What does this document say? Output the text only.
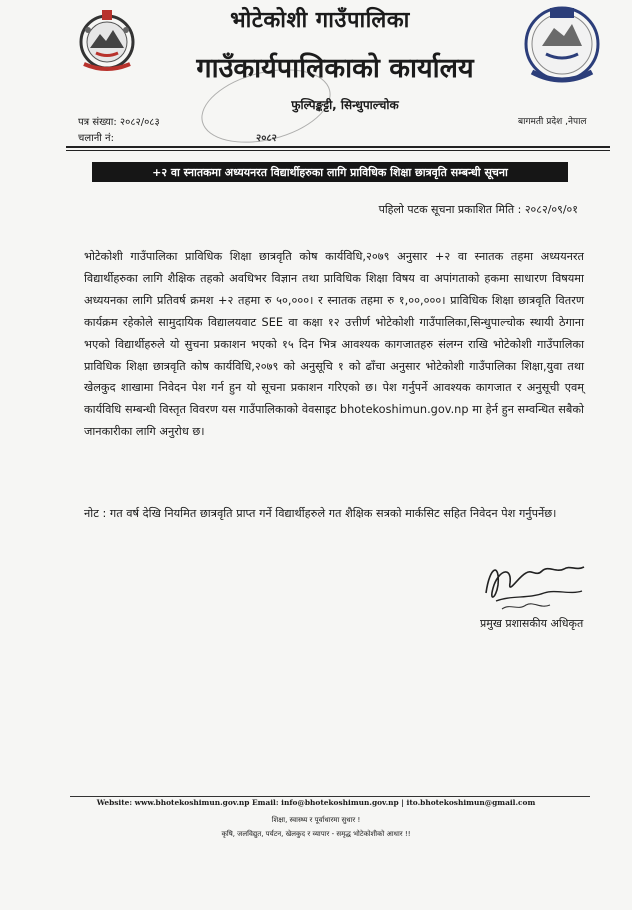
भोटेकोशी गाउँपालिका
गाउँकार्यपालिकाको कार्यालय
फुल्पिङ्कट्टी, सिन्धुपाल्चोक
२०८२
पत्र संख्या: २०८२/०८३
चलानी नं:
बागमती प्रदेश ,नेपाल
+२ वा स्नातकमा अध्ययनरत विद्यार्थीहरुका लागि प्राविधिक शिक्षा छात्रवृति सम्बन्धी सूचना
पहिलो पटक सूचना प्रकाशित मिति : २०८२/०९/०१
भोटेकोशी गाउँपालिका प्राविधिक शिक्षा छात्रवृति कोष कार्यविधि,२०७९ अनुसार +२ वा स्नातक तहमा अध्ययनरत विद्यार्थीहरुका लागि शैक्षिक तहको अवधिभर विज्ञान तथा प्राविधिक शिक्षा विषय वा अपांगताको हकमा साधारण विषयमा अध्ययनका लागि प्रतिवर्ष क्रमश +२ तहमा रु ५०,०००। र स्नातक तहमा रु १,००,०००। प्राविधिक शिक्षा छात्रवृति वितरण कार्यक्रम रहेकोले सामुदायिक विद्यालयवाट SEE वा कक्षा १२ उत्तीर्ण भोटेकोशी गाउँपालिका,सिन्धुपाल्चोक स्थायी ठेगाना भएको विद्यार्थीहरुले यो सुचना प्रकाशन भएको १५ दिन भित्र आवश्यक कागजातहरु संलग्न राखि भोटेकोशी गाउँपालिका प्राविधिक शिक्षा छात्रवृति कोष कार्यविधि,२०७९ को अनुसूचि १ को ढाँचा अनुसार भोटेकोशी गाउँपालिका शिक्षा,युवा तथा खेलकुद शाखामा निवेदन पेश गर्न हुन यो सूचना प्रकाशन गरिएको छ। पेश गर्नुपर्ने आवश्यक कागजात र अनुसूची एवम् कार्यविधि सम्बन्धी विस्तृत विवरण यस गाउँपालिकाको वेवसाइट bhotekoshimun.gov.np मा हेर्न हुन सम्वन्धित सबैको जानकारीका लागि अनुरोध छ।
नोट : गत वर्ष देखि नियमित छात्रवृति प्राप्त गर्ने विद्यार्थीहरुले गत शैक्षिक सत्रको मार्कसिट सहित निवेदन पेश गर्नुपर्नेछ।
प्रमुख प्रशासकीय अधिकृत
Website: www.bhotekoshimun.gov.np Email: info@bhotekoshimun.gov.np | ito.bhotekoshimun@gmail.com
शिक्षा, स्वास्थ्य र पूर्वाधारमा सुधार !
कृषि, जलविद्युत, पर्यटन, खेलकुद र व्यापार - समृद्ध भोटेकोशीको आधार !!
